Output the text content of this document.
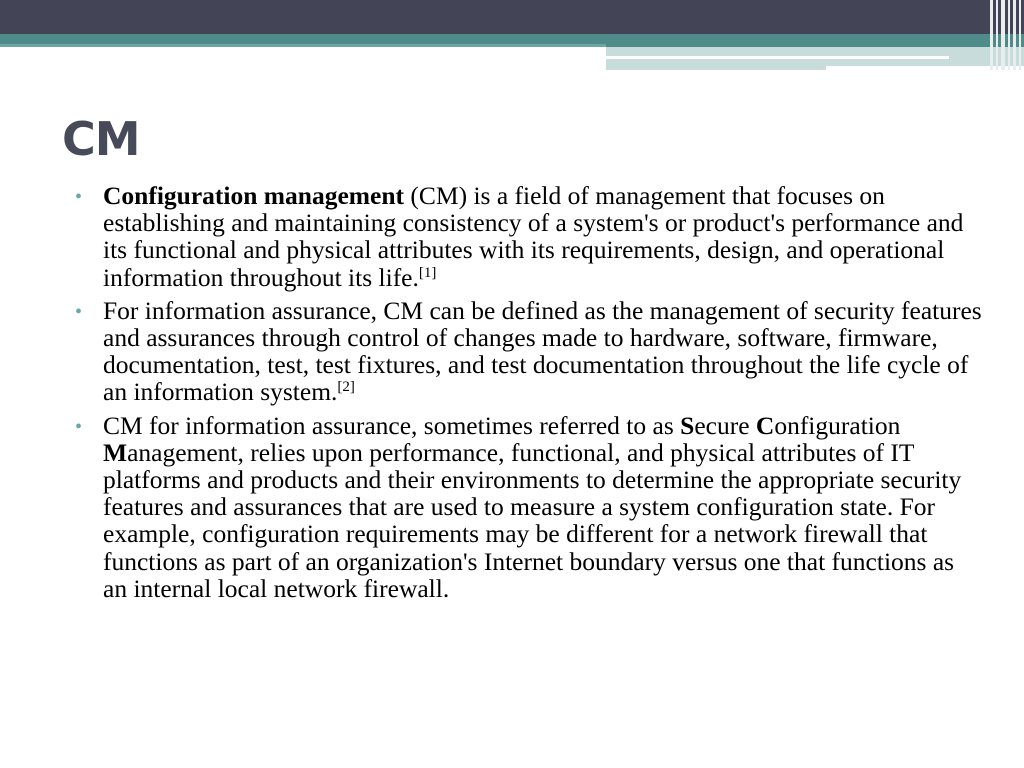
CM
• Configuration management (CM) is a field of management that focuses on establishing and maintaining consistency of a system's or product's performance and its functional and physical attributes with its requirements, design, and operational information throughout its life.[1]
• For information assurance, CM can be defined as the management of security features and assurances through control of changes made to hardware, software, firmware, documentation, test, test fixtures, and test documentation throughout the life cycle of an information system.[2]
• CM for information assurance, sometimes referred to as Secure Configuration Management, relies upon performance, functional, and physical attributes of IT platforms and products and their environments to determine the appropriate security features and assurances that are used to measure a system configuration state. For example, configuration requirements may be different for a network firewall that functions as part of an organization's Internet boundary versus one that functions as an internal local network firewall.
